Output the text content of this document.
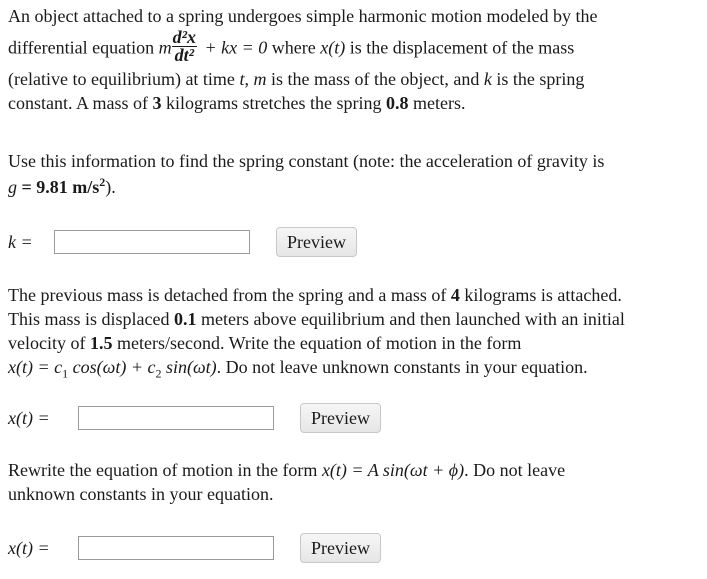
An object attached to a spring undergoes simple harmonic motion modeled by the
differential equation m $\frac{\text{d²x}}{\text{dt²}}$ + kx = 0 where x(t) is the displacement of the mass
(relative to equilibrium) at time t, m is the mass of the object, and k is the spring
constant. A mass of 3 kilograms stretches the spring 0.8 meters.
Use this information to find the spring constant (note: the acceleration of gravity is
g = 9.81 $m/s^2$).
k =	Preview
The previous mass is detached from the spring and a mass of 4 kilograms is attached.
This mass is displaced 0.1 meters above equilibrium and then launched with an initial
velocity of 1.5 meters/second. Write the equation of motion in the form
$x(t) = c_1$ $\cos(\omega t) + c_2$ sin(ωt). Do not leave unknown constants in your equation.
x(t) =	Preview
Rewrite the equation of motion in the form x(t) = A sin(ωt + ϕ). Do not leave
unknown constants in your equation.
x(t) =	Preview
